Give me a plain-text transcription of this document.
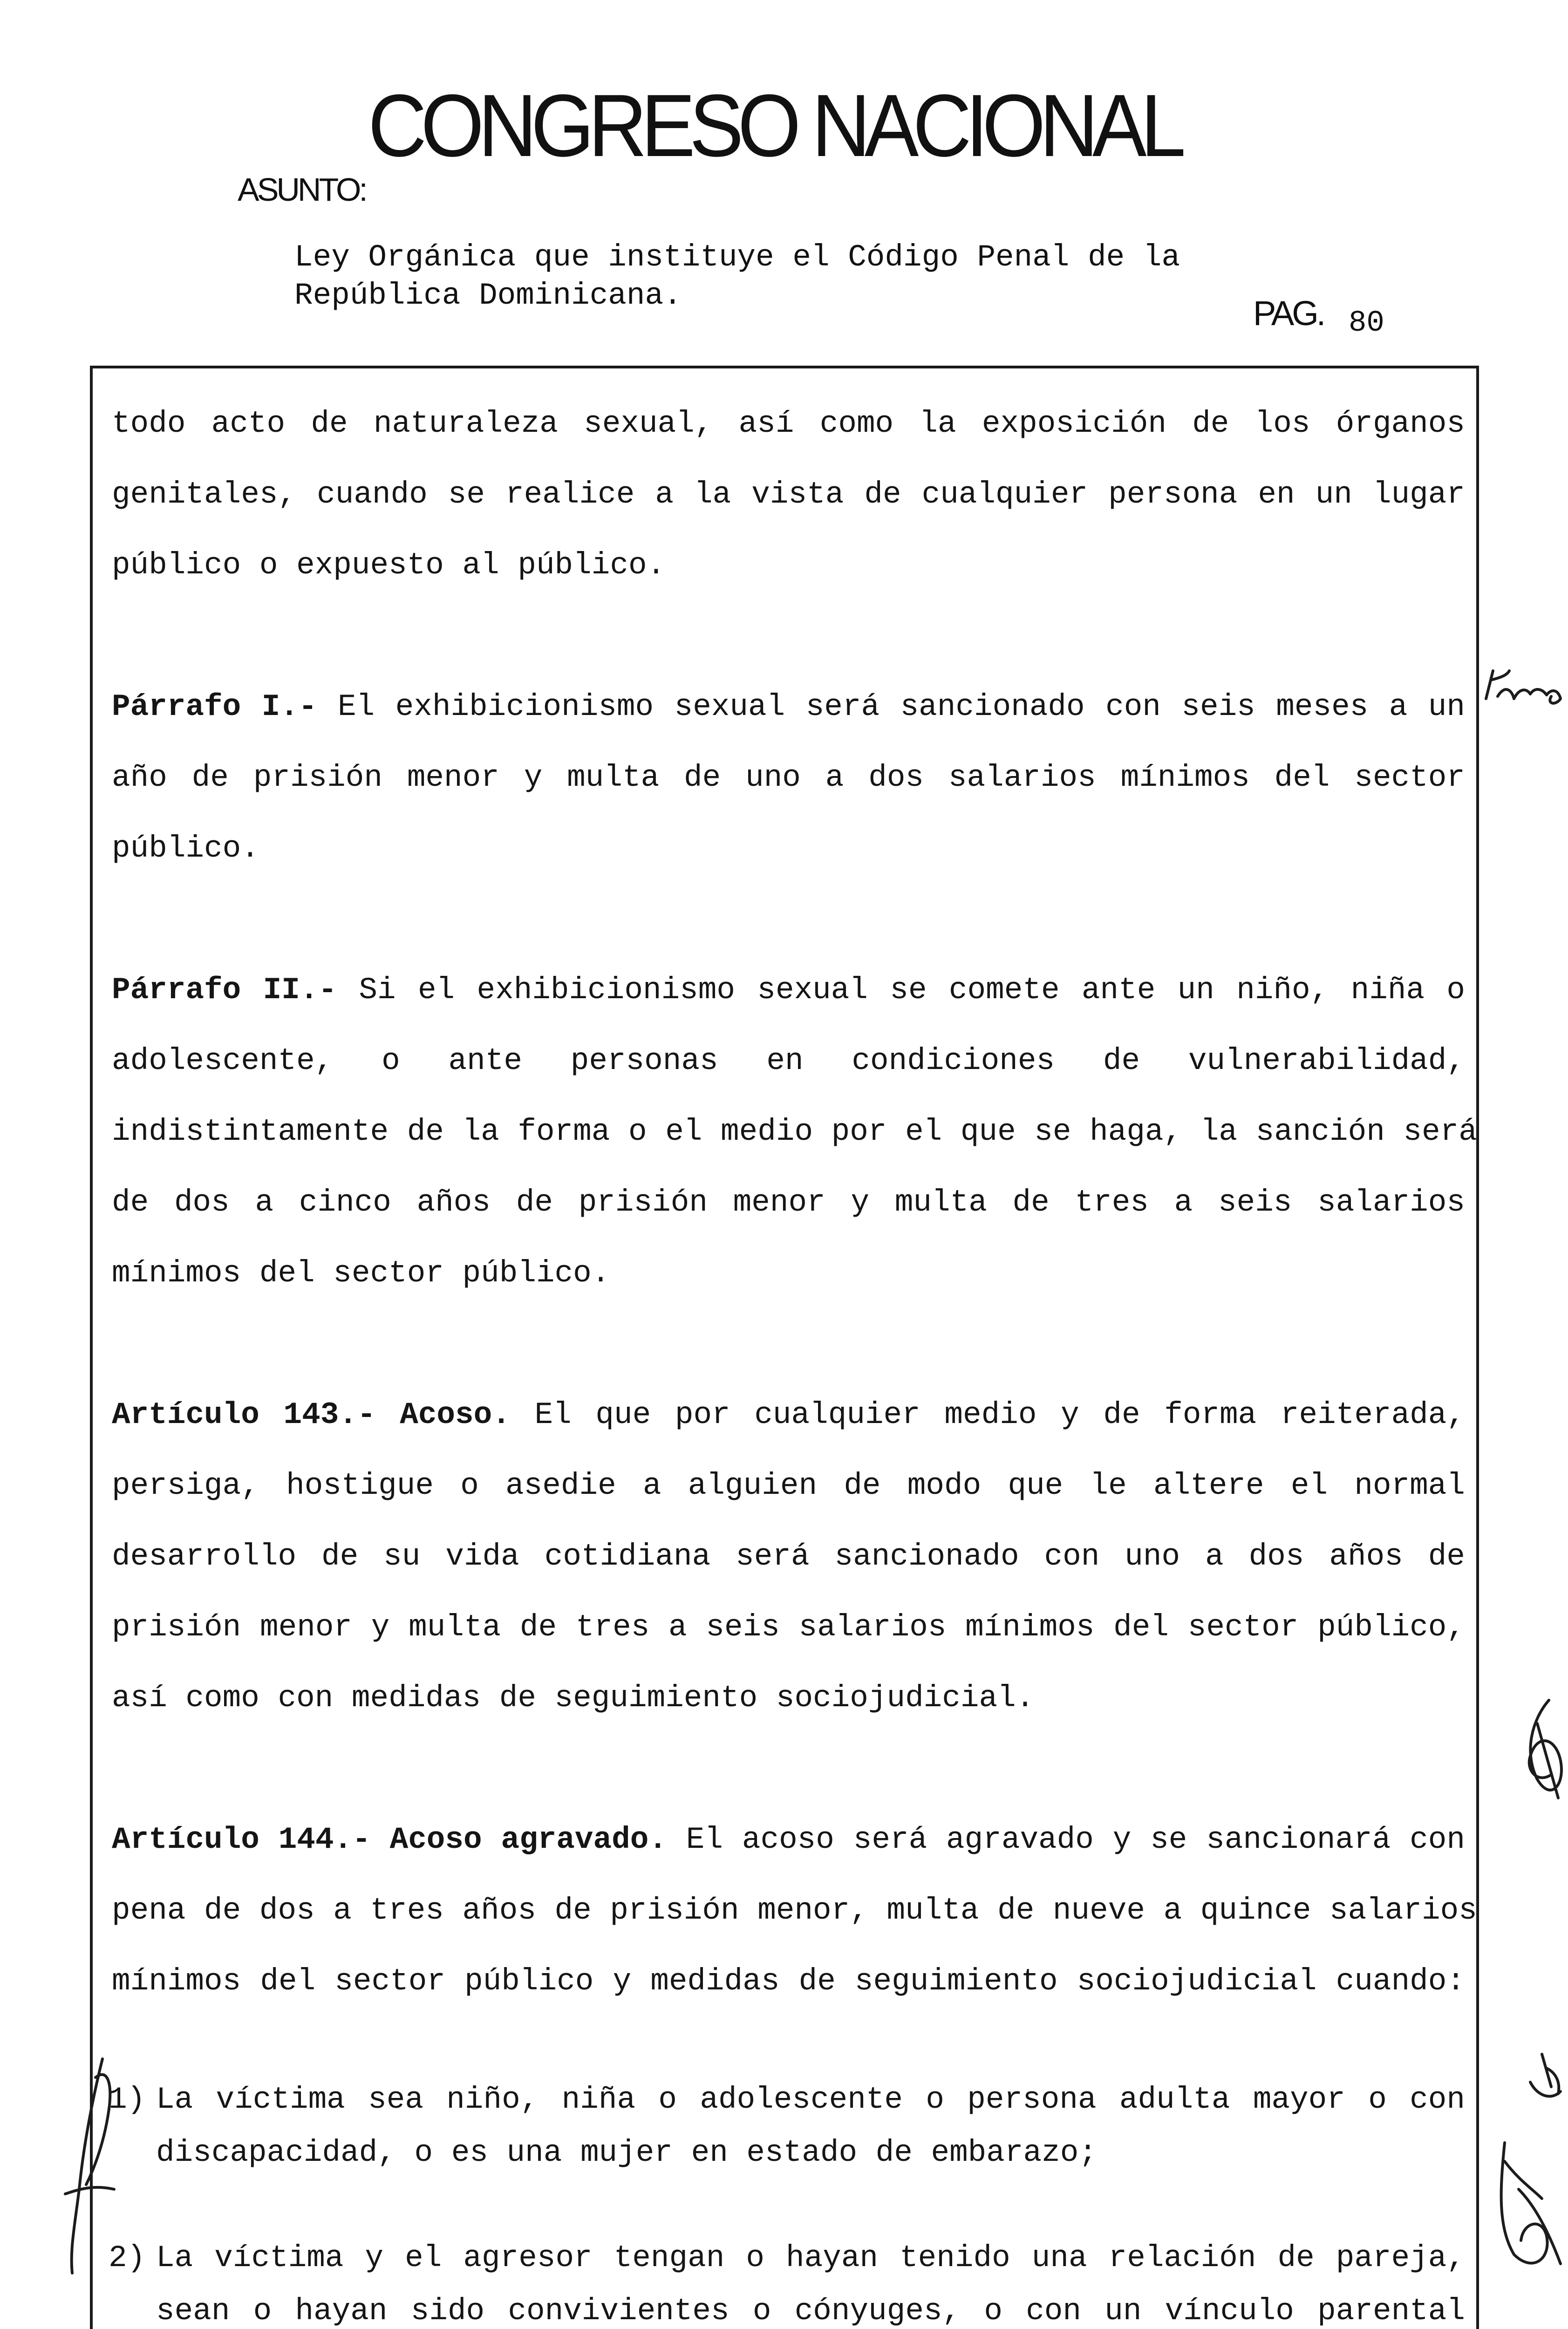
CONGRESO NACIONAL
ASUNTO:
Ley Orgánica que instituye el Código Penal de la
República Dominicana.	PAG. 80
todo acto de naturaleza sexual, así como la exposición de los órganos
genitales, cuando se realice a la vista de cualquier persona en un lugar
público o expuesto al público.
Párrafo I.- El exhibicionismo sexual será sancionado con seis meses a un
año de prisión menor y multa de uno a dos salarios mínimos del sector
público.
Párrafo II.- Si el exhibicionismo sexual se comete ante un niño, niña o
adolescente, o ante personas en condiciones de vulnerabilidad,
indistintamente de la forma o el medio por el que se haga, la sanción será
de dos a cinco años de prisión menor y multa de tres a seis salarios
mínimos del sector público.
Artículo 143.- Acoso. El que por cualquier medio y de forma reiterada,
persiga, hostigue o asedie a alguien de modo que le altere el normal
desarrollo de su vida cotidiana será sancionado con uno a dos años de
prisión menor y multa de tres a seis salarios mínimos del sector público,
así como con medidas de seguimiento sociojudicial.
Artículo 144.- Acoso agravado. El acoso será agravado y se sancionará con
pena de dos a tres años de prisión menor, multa de nueve a quince salarios
mínimos del sector público y medidas de seguimiento sociojudicial cuando:
1) La víctima sea niño, niña o adolescente o persona adulta mayor o con
discapacidad, o es una mujer en estado de embarazo;
2) La víctima y el agresor tengan o hayan tenido una relación de pareja,
sean o hayan sido convivientes o cónyuges, o con un vínculo parental
